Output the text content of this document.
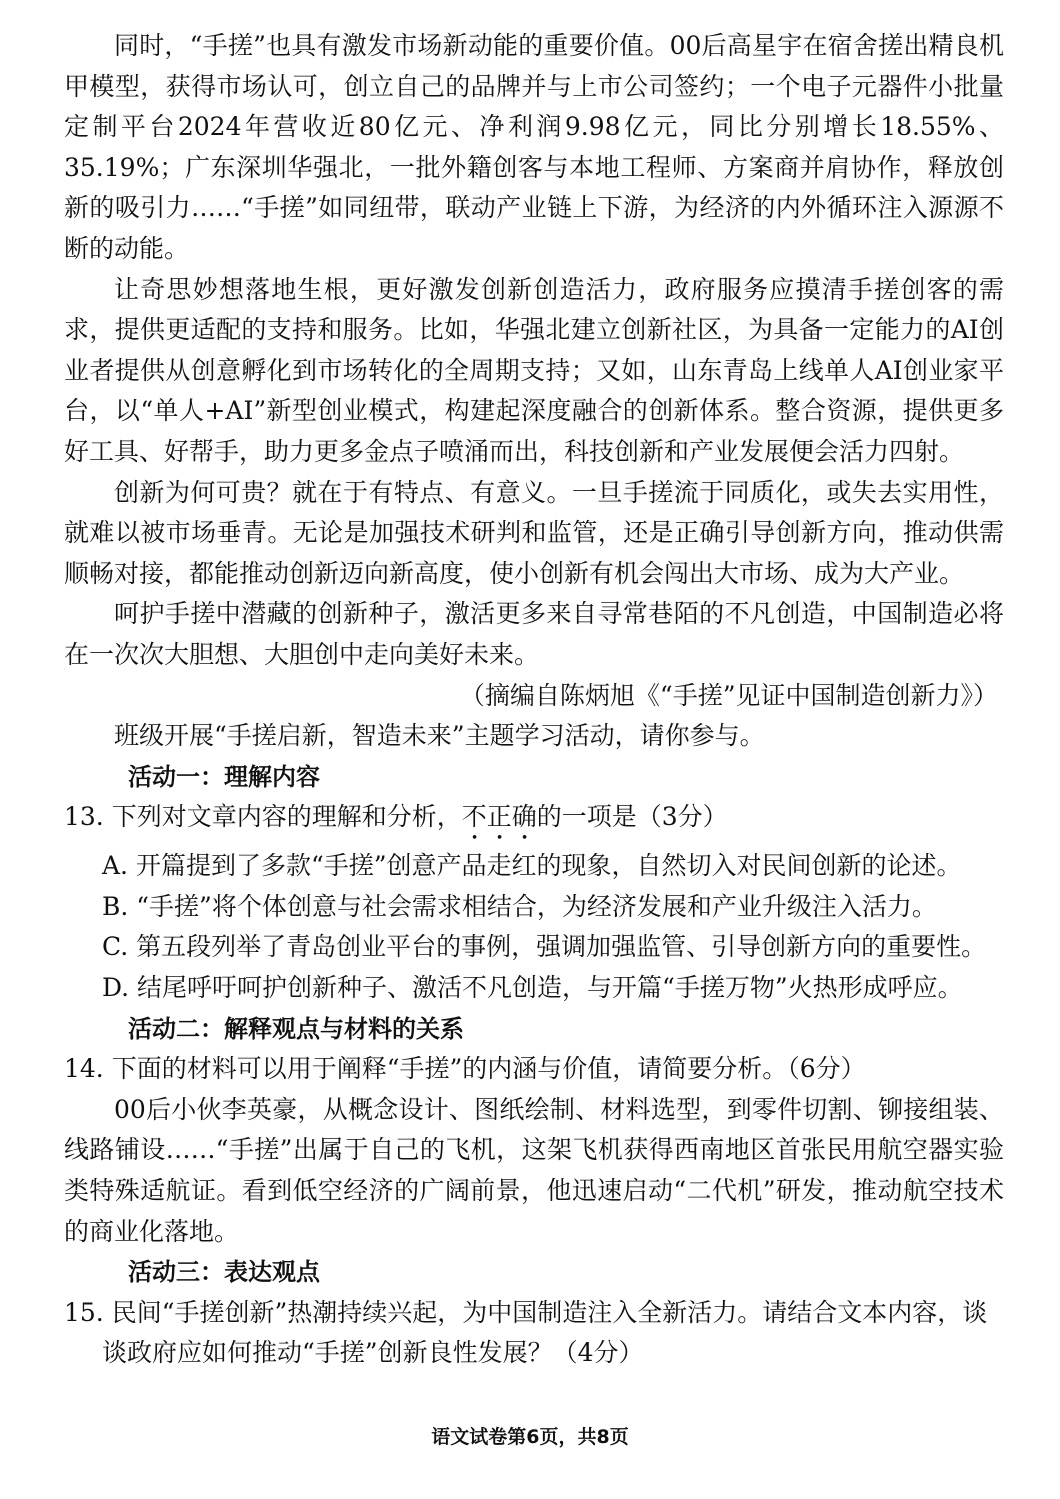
同时，“手搓”也具有激发市场新动能的重要价值。00后高星宇在宿舍搓出精良机甲模型，获得市场认可，创立自己的品牌并与上市公司签约；一个电子元器件小批量定制平台2024年营收近80亿元、净利润9.98亿元，同比分别增长18.55%、35.19%；广东深圳华强北，一批外籍创客与本地工程师、方案商并肩协作，释放创新的吸引力……“手搓”如同纽带，联动产业链上下游，为经济的内外循环注入源源不断的动能。

让奇思妙想落地生根，更好激发创新创造活力，政府服务应摸清手搓创客的需求，提供更适配的支持和服务。比如，华强北建立创新社区，为具备一定能力的AI创业者提供从创意孵化到市场转化的全周期支持；又如，山东青岛上线单人AI创业家平台，以“单人+AI”新型创业模式，构建起深度融合的创新体系。整合资源，提供更多好工具、好帮手，助力更多金点子喷涌而出，科技创新和产业发展便会活力四射。

创新为何可贵？就在于有特点、有意义。一旦手搓流于同质化，或失去实用性，就难以被市场垂青。无论是加强技术研判和监管，还是正确引导创新方向，推动供需顺畅对接，都能推动创新迈向新高度，使小创新有机会闯出大市场、成为大产业。

呵护手搓中潜藏的创新种子，激活更多来自寻常巷陌的不凡创造，中国制造必将在一次次大胆想、大胆创中走向美好未来。

（摘编自陈炳旭《“手搓”见证中国制造创新力》）

班级开展“手搓启新，智造未来”主题学习活动，请你参与。

活动一：理解内容

13. 下列对文章内容的理解和分析，不正确的一项是（3分）

A. 开篇提到了多款“手搓”创意产品走红的现象，自然切入对民间创新的论述。

B. “手搓”将个体创意与社会需求相结合，为经济发展和产业升级注入活力。

C. 第五段列举了青岛创业平台的事例，强调加强监管、引导创新方向的重要性。

D. 结尾呼吁呵护创新种子、激活不凡创造，与开篇“手搓万物”火热形成呼应。

活动二：解释观点与材料的关系

14. 下面的材料可以用于阐释“手搓”的内涵与价值，请简要分析。（6分）

00后小伙李英豪，从概念设计、图纸绘制、材料选型，到零件切割、铆接组装、线路铺设……“手搓”出属于自己的飞机，这架飞机获得西南地区首张民用航空器实验类特殊适航证。看到低空经济的广阔前景，他迅速启动“二代机”研发，推动航空技术的商业化落地。

活动三：表达观点

15. 民间“手搓创新”热潮持续兴起，为中国制造注入全新活力。请结合文本内容，谈谈政府应如何推动“手搓”创新良性发展？（4分）

语文试卷第6页，共8页
